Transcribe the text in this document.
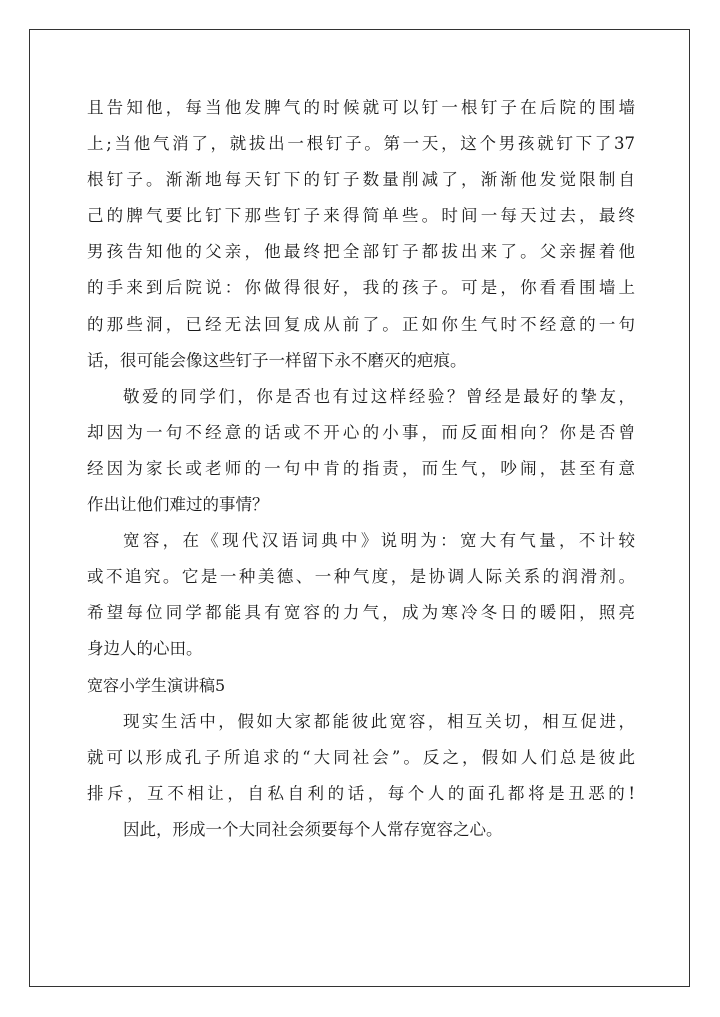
且告知他，每当他发脾气的时候就可以钉一根钉子在后院的围墙
上;当他气消了，就拔出一根钉子。第一天，这个男孩就钉下了37
根钉子。渐渐地每天钉下的钉子数量削减了，渐渐他发觉限制自
己的脾气要比钉下那些钉子来得简单些。时间一每天过去，最终
男孩告知他的父亲，他最终把全部钉子都拔出来了。父亲握着他
的手来到后院说：你做得很好，我的孩子。可是，你看看围墙上
的那些洞，已经无法回复成从前了。正如你生气时不经意的一句
话，很可能会像这些钉子一样留下永不磨灭的疤痕。
敬爱的同学们，你是否也有过这样经验？曾经是最好的挚友，
却因为一句不经意的话或不开心的小事，而反面相向？你是否曾
经因为家长或老师的一句中肯的指责，而生气，吵闹，甚至有意
作出让他们难过的事情？
宽容，在《现代汉语词典中》说明为：宽大有气量，不计较
或不追究。它是一种美德、一种气度，是协调人际关系的润滑剂。
希望每位同学都能具有宽容的力气，成为寒冷冬日的暖阳，照亮
身边人的心田。
宽容小学生演讲稿5
现实生活中，假如大家都能彼此宽容，相互关切，相互促进，
就可以形成孔子所追求的“大同社会”。反之，假如人们总是彼此
排斥，互不相让，自私自利的话，每个人的面孔都将是丑恶的!
因此，形成一个大同社会须要每个人常存宽容之心。
